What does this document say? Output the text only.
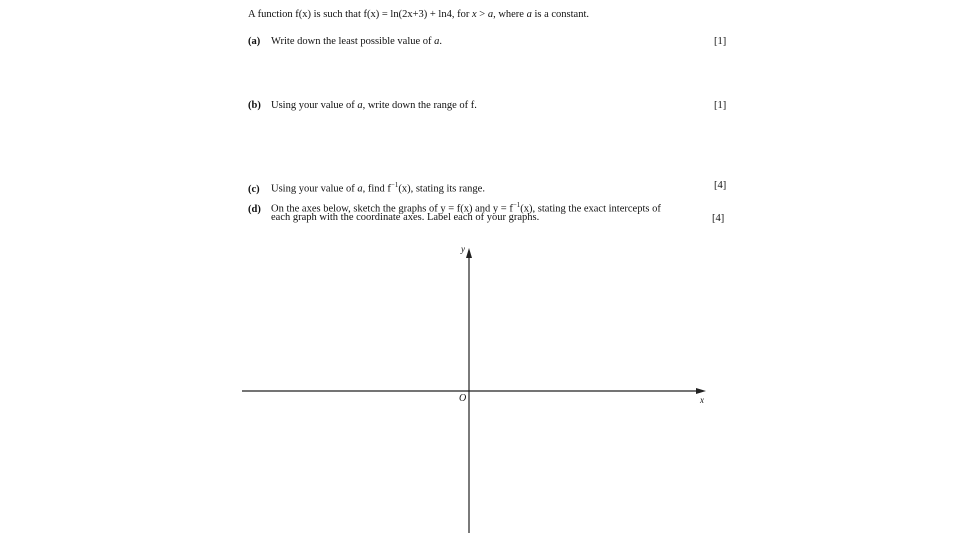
A function f(x) is such that f(x) = ln(2x+3) + ln4, for x > a, where a is a constant.
(a) Write down the least possible value of a.	[1]
(b) Using your value of a, write down the range of f.	[1]
(c) Using your value of a, find $f^{-1}(x)$, stating its range.	[4]
(d) On the axes below, sketch the graphs of y = f(x) and $y = f^{-1}(x)$, stating the exact intercepts of
each graph with the coordinate axes. Label each of your graphs.	[4]
y
x
O
